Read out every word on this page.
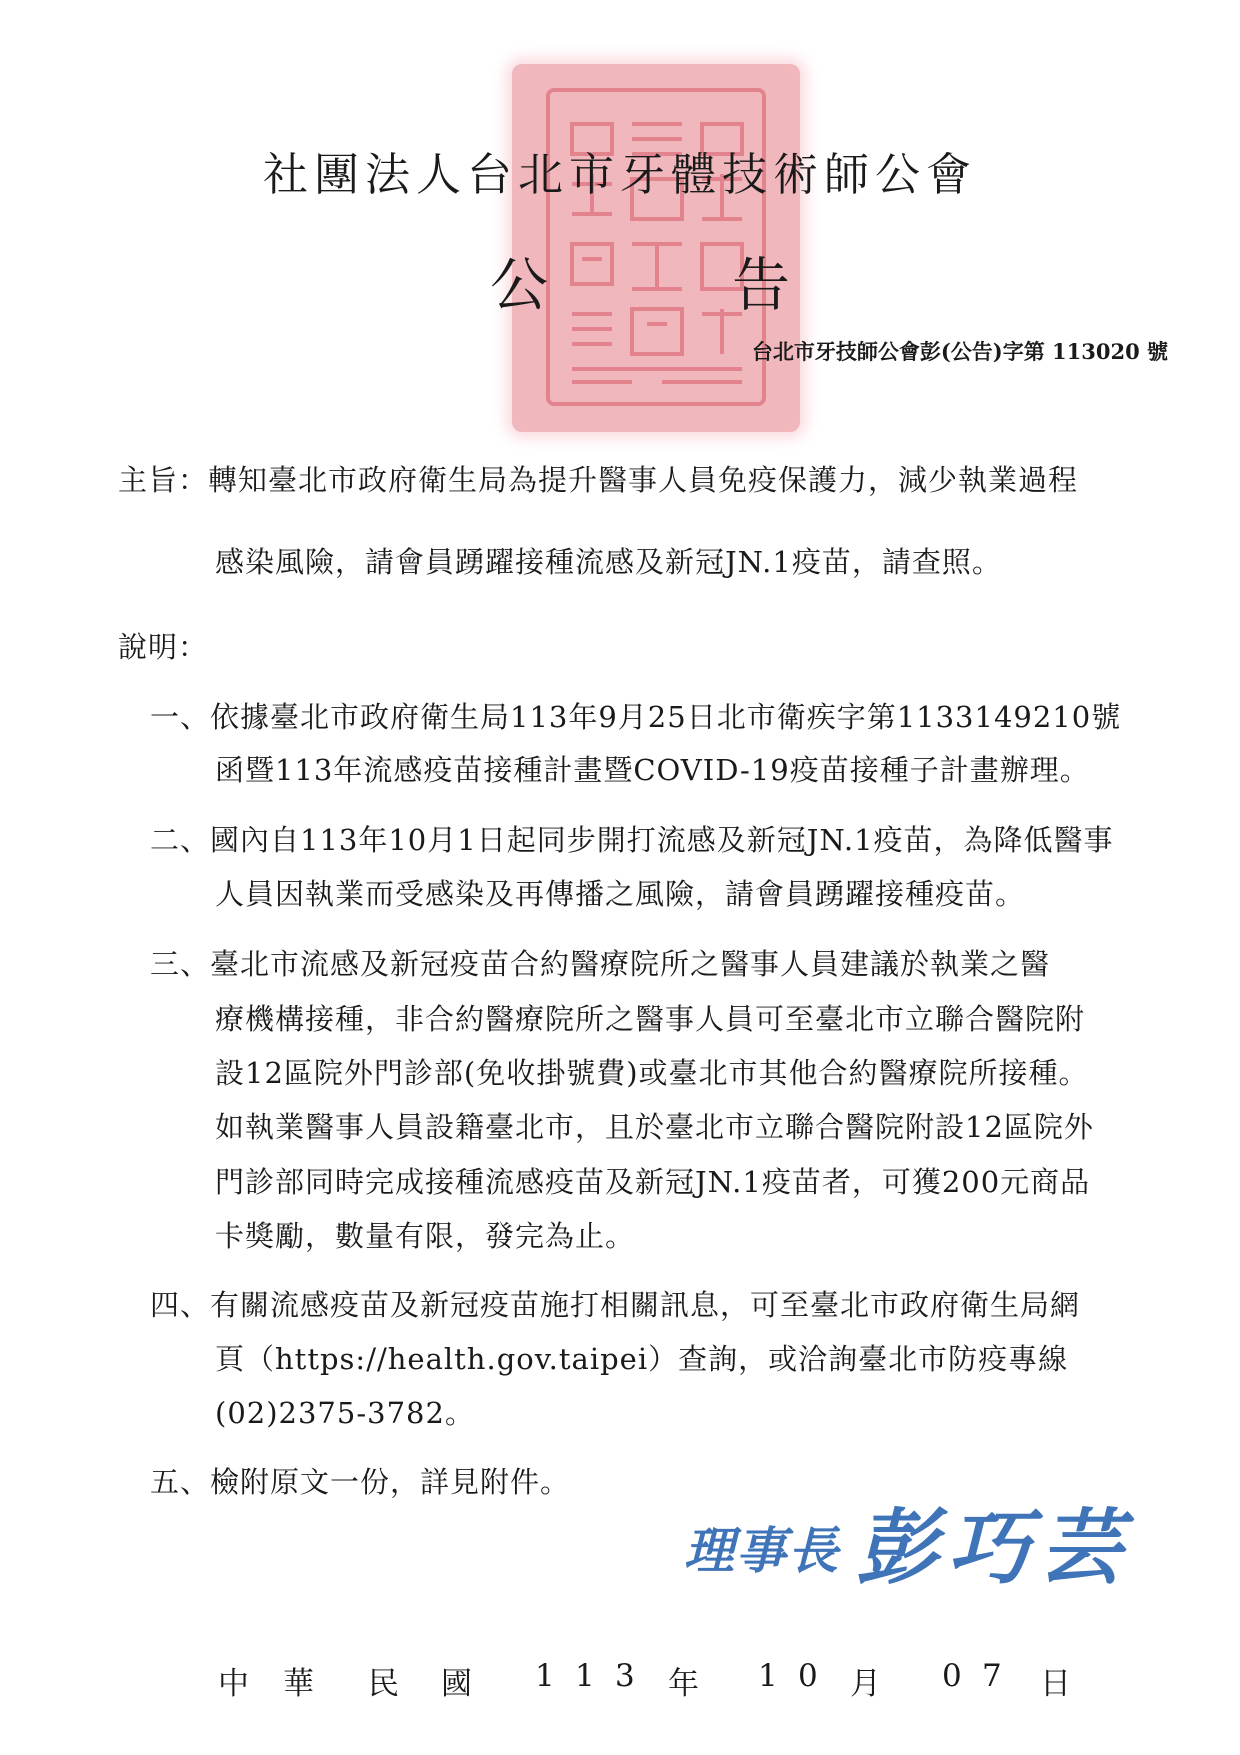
社團法人台北市牙體技術師公會
公	告
台北市牙技師公會彭(公告)字第 113020 號
主旨：轉知臺北市政府衛生局為提升醫事人員免疫保護力，減少執業過程
感染風險，請會員踴躍接種流感及新冠JN.1疫苗，請查照。
說明：
一、依據臺北市政府衛生局113年9月25日北市衛疾字第1133149210號
函暨113年流感疫苗接種計畫暨COVID-19疫苗接種子計畫辦理。
二、國內自113年10月1日起同步開打流感及新冠JN.1疫苗，為降低醫事
人員因執業而受感染及再傳播之風險，請會員踴躍接種疫苗。
三、臺北市流感及新冠疫苗合約醫療院所之醫事人員建議於執業之醫
療機構接種，非合約醫療院所之醫事人員可至臺北市立聯合醫院附
設12區院外門診部(免收掛號費)或臺北市其他合約醫療院所接種。
如執業醫事人員設籍臺北市，且於臺北市立聯合醫院附設12區院外
門診部同時完成接種流感疫苗及新冠JN.1疫苗者，可獲200元商品
卡獎勵，數量有限，發完為止。
四、有關流感疫苗及新冠疫苗施打相關訊息，可至臺北市政府衛生局網
頁（https://health.gov.taipei）查詢，或洽詢臺北市防疫專線
(02)2375-3782。
五、檢附原文一份，詳見附件。
理事長 彭巧芸
中 華 民 國 1 1 3 年 1 0 月 0 7 日
